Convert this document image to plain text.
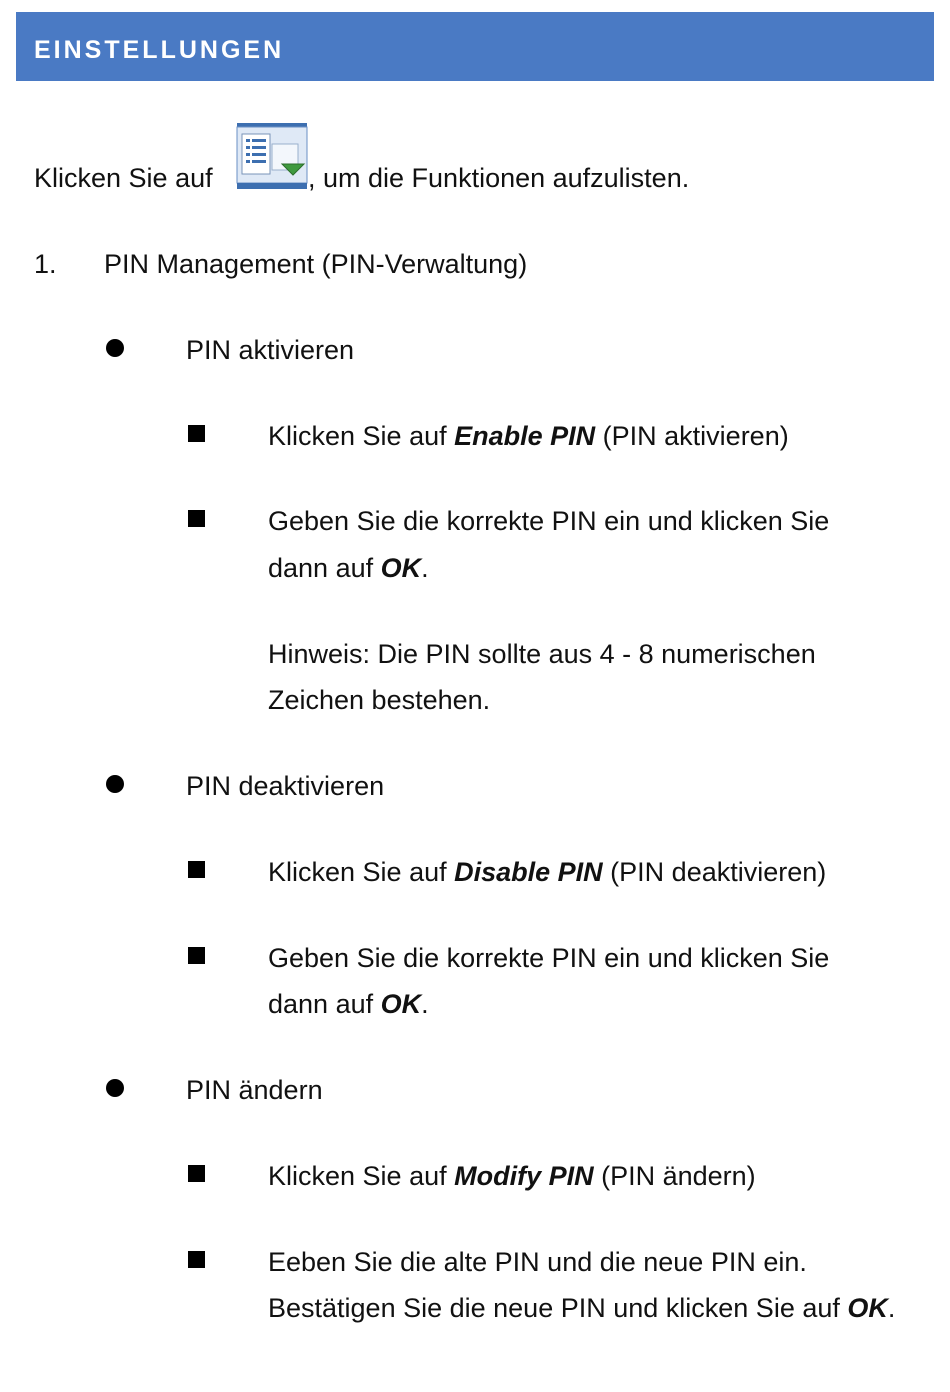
EINSTELLUNGEN
Klicken Sie auf	, um die Funktionen aufzulisten.
1. PIN Management (PIN-Verwaltung)
PIN aktivieren
Klicken Sie auf Enable PIN (PIN aktivieren)
Geben Sie die korrekte PIN ein und klicken Sie
dann auf OK.
Hinweis: Die PIN sollte aus 4 - 8 numerischen
Zeichen bestehen.
PIN deaktivieren
Klicken Sie auf Disable PIN (PIN deaktivieren)
Geben Sie die korrekte PIN ein und klicken Sie
dann auf OK.
PIN ändern
Klicken Sie auf Modify PIN (PIN ändern)
Eeben Sie die alte PIN und die neue PIN ein.
Bestätigen Sie die neue PIN und klicken Sie auf OK.
